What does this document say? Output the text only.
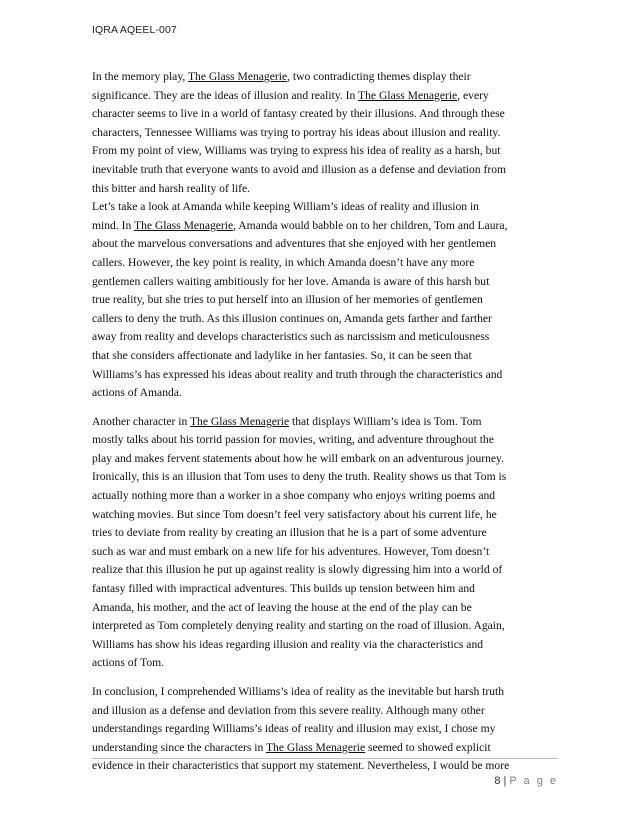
IQRA AQEEL-007
In the memory play, The Glass Menagerie, two contradicting themes display their
significance. They are the ideas of illusion and reality. In The Glass Menagerie, every
character seems to live in a world of fantasy created by their illusions. And through these
characters, Tennessee Williams was trying to portray his ideas about illusion and reality.
From my point of view, Williams was trying to express his idea of reality as a harsh, but
inevitable truth that everyone wants to avoid and illusion as a defense and deviation from
this bitter and harsh reality of life.
Let’s take a look at Amanda while keeping William’s ideas of reality and illusion in
mind. In The Glass Menagerie, Amanda would babble on to her children, Tom and Laura,
about the marvelous conversations and adventures that she enjoyed with her gentlemen
callers. However, the key point is reality, in which Amanda doesn’t have any more
gentlemen callers waiting ambitiously for her love. Amanda is aware of this harsh but
true reality, but she tries to put herself into an illusion of her memories of gentlemen
callers to deny the truth. As this illusion continues on, Amanda gets farther and farther
away from reality and develops characteristics such as narcissism and meticulousness
that she considers affectionate and ladylike in her fantasies. So, it can be seen that
Williams’s has expressed his ideas about reality and truth through the characteristics and
actions of Amanda.
Another character in The Glass Menagerie that displays William’s idea is Tom. Tom
mostly talks about his torrid passion for movies, writing, and adventure throughout the
play and makes fervent statements about how he will embark on an adventurous journey.
Ironically, this is an illusion that Tom uses to deny the truth. Reality shows us that Tom is
actually nothing more than a worker in a shoe company who enjoys writing poems and
watching movies. But since Tom doesn’t feel very satisfactory about his current life, he
tries to deviate from reality by creating an illusion that he is a part of some adventure
such as war and must embark on a new life for his adventures. However, Tom doesn’t
realize that this illusion he put up against reality is slowly digressing him into a world of
fantasy filled with impractical adventures. This builds up tension between him and
Amanda, his mother, and the act of leaving the house at the end of the play can be
interpreted as Tom completely denying reality and starting on the road of illusion. Again,
Williams has show his ideas regarding illusion and reality via the characteristics and
actions of Tom.
In conclusion, I comprehended Williams’s idea of reality as the inevitable but harsh truth
and illusion as a defense and deviation from this severe reality. Although many other
understandings regarding Williams’s ideas of reality and illusion may exist, I chose my
understanding since the characters in The Glass Menagerie seemed to showed explicit
evidence in their characteristics that support my statement. Nevertheless, I would be more
8 | P a g e
